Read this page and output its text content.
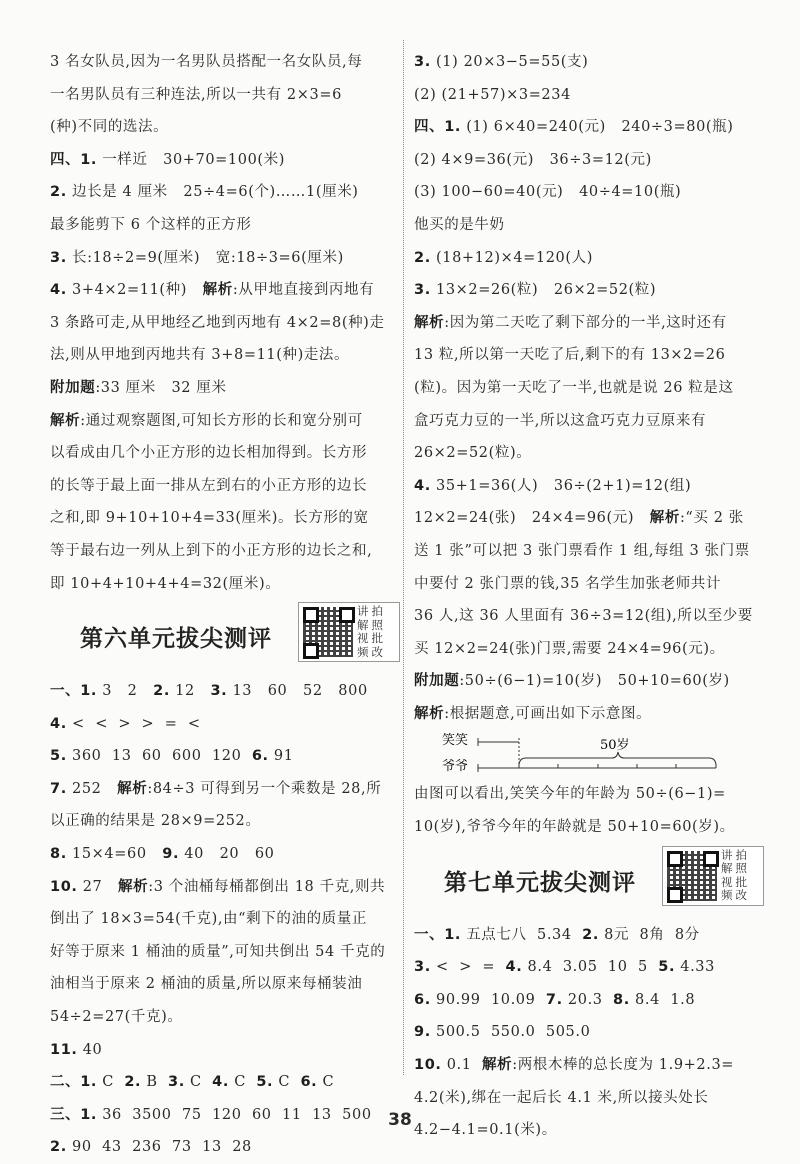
3 名女队员,因为一名男队员搭配一名女队员,每
一名男队员有三种连法,所以一共有 2×3=6
(种)不同的选法。
四、1. 一样近   30+70=100(米)
2. 边长是 4 厘米   25÷4=6(个)……1(厘米)
最多能剪下 6 个这样的正方形
3. 长:18÷2=9(厘米)   宽:18÷3=6(厘米)
4. 3+4×2=11(种)   解析:从甲地直接到丙地有
3 条路可走,从甲地经乙地到丙地有 4×2=8(种)走
法,则从甲地到丙地共有 3+8=11(种)走法。
附加题:33 厘米   32 厘米
解析:通过观察题图,可知长方形的长和宽分别可
以看成由几个小正方形的边长相加得到。长方形
的长等于最上面一排从左到右的小正方形的边长
之和,即 9+10+10+4=33(厘米)。长方形的宽
等于最右边一列从上到下的小正方形的边长之和,
即 10+4+10+4+4=32(厘米)。
第六单元拔尖测评
讲拍
解照
视批
频改
一、1. 3   2   2. 12   3. 13   60   52   800
4. <  <  >  >  =  <
5. 360  13  60  600  120  6. 91
7. 252   解析:84÷3 可得到另一个乘数是 28,所
以正确的结果是 28×9=252。
8. 15×4=60   9. 40   20   60
10. 27   解析:3 个油桶每桶都倒出 18 千克,则共
倒出了 18×3=54(千克),由“剩下的油的质量正
好等于原来 1 桶油的质量”,可知共倒出 54 千克的
油相当于原来 2 桶油的质量,所以原来每桶装油
54÷2=27(千克)。
11. 40
二、1. C  2. B  3. C  4. C  5. C  6. C
三、1. 36  3500  75  120  60  11  13  500
2. 90  43  236  73  13  28
3. (1) 20×3−5=55(支)
(2) (21+57)×3=234
四、1. (1) 6×40=240(元)   240÷3=80(瓶)
(2) 4×9=36(元)   36÷3=12(元)
(3) 100−60=40(元)   40÷4=10(瓶)
他买的是牛奶
2. (18+12)×4=120(人)
3. 13×2=26(粒)   26×2=52(粒)
解析:因为第二天吃了剩下部分的一半,这时还有
13 粒,所以第一天吃了后,剩下的有 13×2=26
(粒)。因为第一天吃了一半,也就是说 26 粒是这
盒巧克力豆的一半,所以这盒巧克力豆原来有
26×2=52(粒)。
4. 35+1=36(人)   36÷(2+1)=12(组)
12×2=24(张)   24×4=96(元)   解析:“买 2 张
送 1 张”可以把 3 张门票看作 1 组,每组 3 张门票
中要付 2 张门票的钱,35 名学生加张老师共计
36 人,这 36 人里面有 36÷3=12(组),所以至少要
买 12×2=24(张)门票,需要 24×4=96(元)。
附加题:50÷(6−1)=10(岁)   50+10=60(岁)
解析:根据题意,可画出如下示意图。
笑笑
爷爷
50岁
由图可以看出,笑笑今年的年龄为 50÷(6−1)=
10(岁),爷爷今年的年龄就是 50+10=60(岁)。
第七单元拔尖测评
讲拍
解照
视批
频改
一、1. 五点七八  5.34  2. 8元  8角  8分
3. <  >  =  4. 8.4  3.05  10  5  5. 4.33
6. 90.99  10.09  7. 20.3  8. 8.4  1.8
9. 500.5  550.0  505.0
10. 0.1  解析:两根木棒的总长度为 1.9+2.3=
4.2(米),绑在一起后长 4.1 米,所以接头处长
4.2−4.1=0.1(米)。
38
